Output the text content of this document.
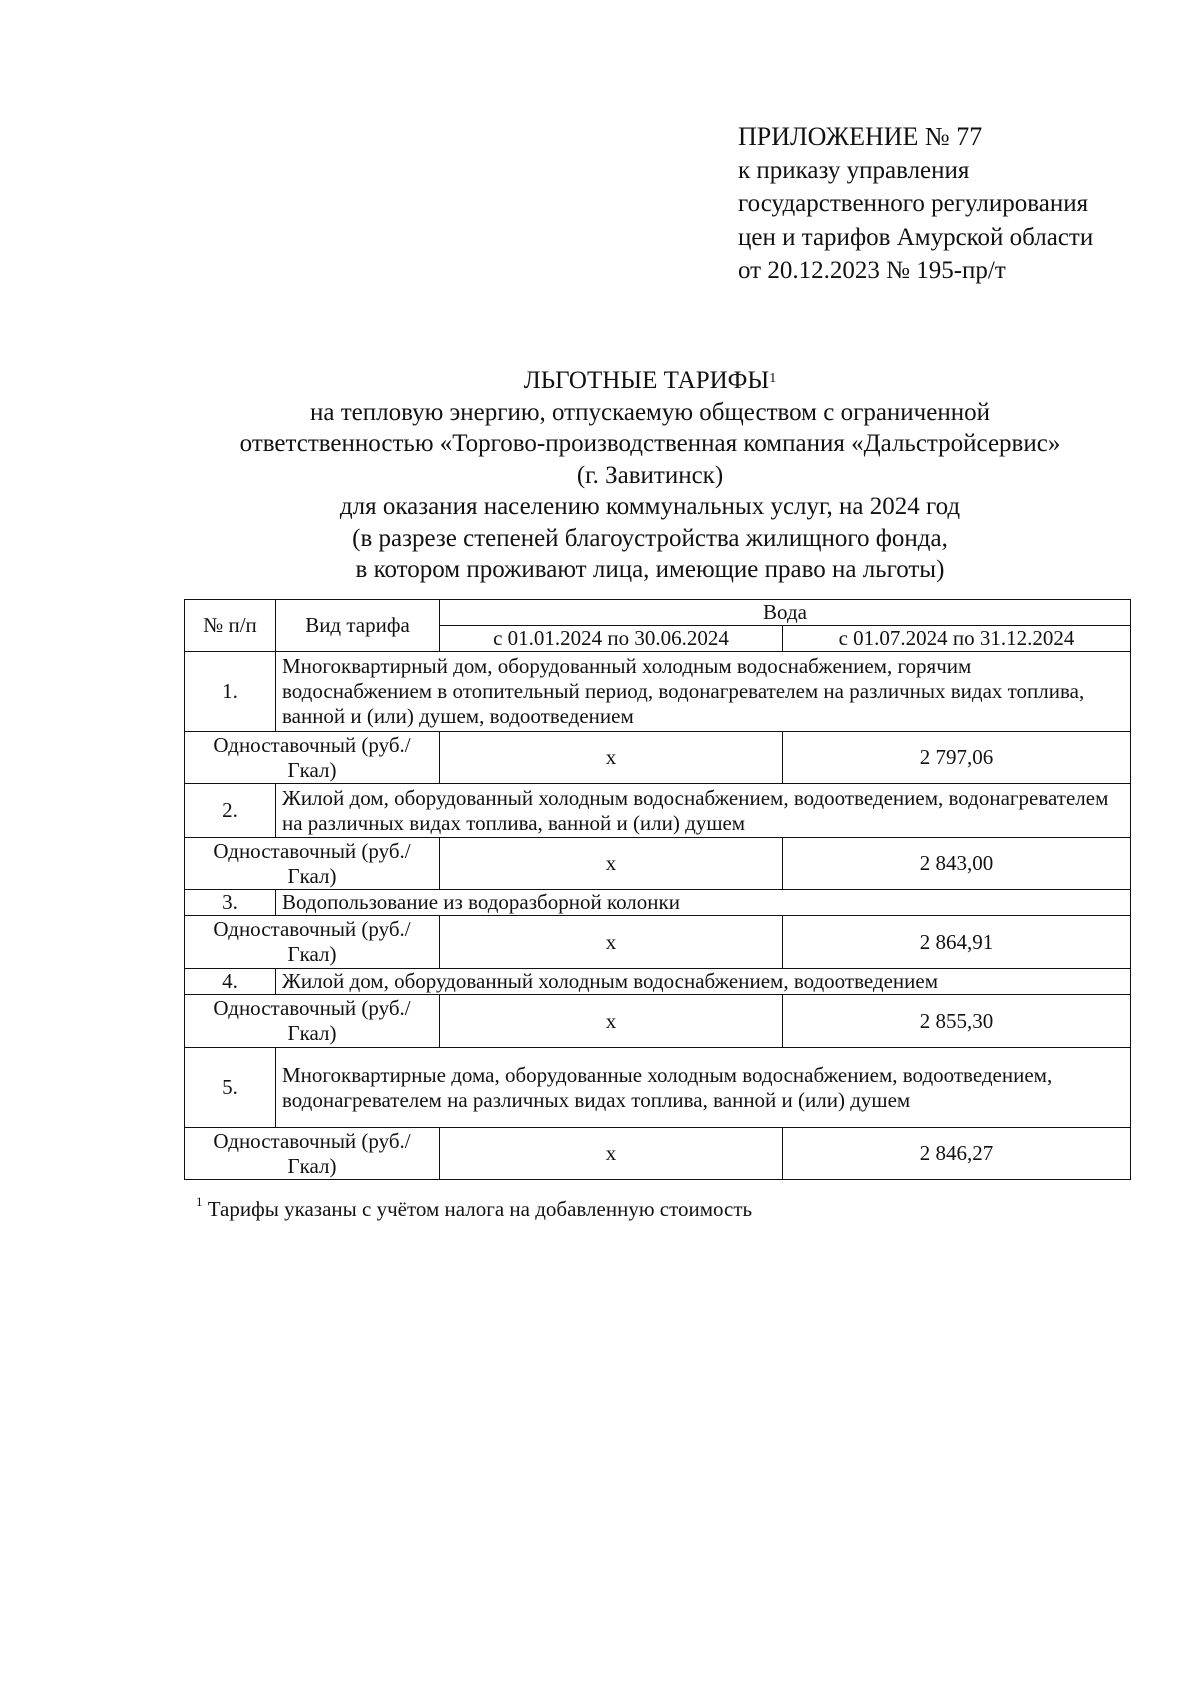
ПРИЛОЖЕНИЕ № 77
к приказу управления
государственного регулирования
цен и тарифов Амурской области
от 20.12.2023 № 195-пр/т
ЛЬГОТНЫЕ ТАРИФЫ$^1$
на тепловую энергию, отпускаемую обществом с ограниченной
ответственностью «Торгово-производственная компания «Дальстройсервис»
(г. Завитинск)
для оказания населению коммунальных услуг, на 2024 год
(в разрезе степеней благоустройства жилищного фонда,
в котором проживают лица, имеющие право на льготы)
№ п/п	Вид тарифа	Вода	
		с 01.01.2024 по 30.06.2024	с 01.07.2024 по 31.12.2024
1.	Многоквартирный дом, оборудованный холодным водоснабжением, горячим водоснабжением в отопительный период, водонагревателем на различных видах топлива, ванной и (или) душем, водоотведением		
Одноставочный (руб./Гкал)		х	2 797,06
2.	Жилой дом, оборудованный холодным водоснабжением, водоотведением, водонагревателем на различных видах топлива, ванной и (или) душем		
Одноставочный (руб./Гкал)		х	2 843,00
3.	Водопользование из водоразборной колонки		
Одноставочный (руб./Гкал)		х	2 864,91
4.	Жилой дом, оборудованный холодным водоснабжением, водоотведением		
Одноставочный (руб./Гкал)		х	2 855,30
5.	Многоквартирные дома, оборудованные холодным водоснабжением, водоотведением, водонагревателем на различных видах топлива, ванной и (или) душем		
Одноставочный (руб./Гкал)		х	2 846,27
$^1$ Тарифы указаны с учётом налога на добавленную стоимость
